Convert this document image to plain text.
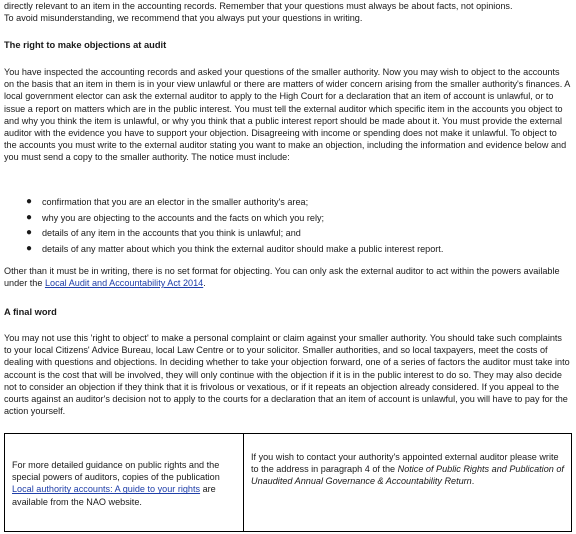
directly relevant to an item in the accounting records. Remember that your questions must always be about facts, not opinions.
To avoid misunderstanding, we recommend that you always put your questions in writing.

The right to make objections at audit

You have inspected the accounting records and asked your questions of the smaller authority. Now you may wish to object to the accounts on the basis that an item in them is in your view unlawful or there are matters of wider concern arising from the smaller authority's finances. A local government elector can ask the external auditor to apply to the High Court for a declaration that an item of account is unlawful, or to issue a report on matters which are in the public interest. You must tell the external auditor which specific item in the accounts you object to and why you think the item is unlawful, or why you think that a public interest report should be made about it. You must provide the external auditor with the evidence you have to support your objection. Disagreeing with income or spending does not make it unlawful. To object to the accounts you must write to the external auditor stating you want to make an objection, including the information and evidence below and you must send a copy to the smaller authority. The notice must include:

● confirmation that you are an elector in the smaller authority's area;
● why you are objecting to the accounts and the facts on which you rely;
● details of any item in the accounts that you think is unlawful; and
● details of any matter about which you think the external auditor should make a public interest report.

Other than it must be in writing, there is no set format for objecting. You can only ask the external auditor to act within the powers available under the Local Audit and Accountability Act 2014.

A final word

You may not use this 'right to object' to make a personal complaint or claim against your smaller authority. You should take such complaints to your local Citizens' Advice Bureau, local Law Centre or to your solicitor. Smaller authorities, and so local taxpayers, meet the costs of dealing with questions and objections. In deciding whether to take your objection forward, one of a series of factors the auditor must take into account is the cost that will be involved, they will only continue with the objection if it is in the public interest to do so. They may also decide not to consider an objection if they think that it is frivolous or vexatious, or if it repeats an objection already considered. If you appeal to the courts against an auditor's decision not to apply to the courts for a declaration that an item of account is unlawful, you will have to pay for the action yourself.

For more detailed guidance on public rights and the special powers of auditors, copies of the publication Local authority accounts: A guide to your rights are available from the NAO website.
If you wish to contact your authority's appointed external auditor please write to the address in paragraph 4 of the Notice of Public Rights and Publication of Unaudited Annual Governance & Accountability Return.
